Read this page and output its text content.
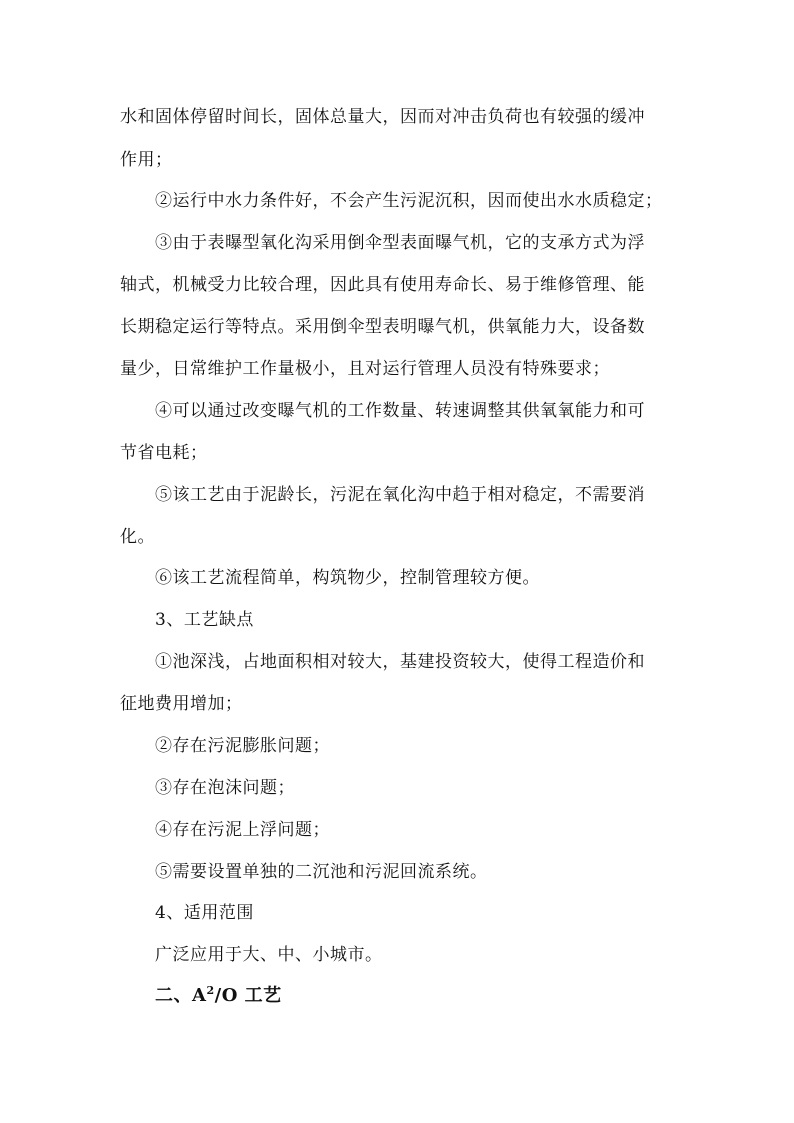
水和固体停留时间长，固体总量大，因而对冲击负荷也有较强的缓冲
作用；
②运行中水力条件好，不会产生污泥沉积，因而使出水水质稳定；
③由于表曝型氧化沟采用倒伞型表面曝气机，它的支承方式为浮
轴式，机械受力比较合理，因此具有使用寿命长、易于维修管理、能
长期稳定运行等特点。采用倒伞型表明曝气机，供氧能力大，设备数
量少，日常维护工作量极小，且对运行管理人员没有特殊要求；
④可以通过改变曝气机的工作数量、转速调整其供氧氧能力和可
节省电耗；
⑤该工艺由于泥龄长，污泥在氧化沟中趋于相对稳定，不需要消
化。
⑥该工艺流程简单，构筑物少，控制管理较方便。
3、工艺缺点
①池深浅，占地面积相对较大，基建投资较大，使得工程造价和
征地费用增加；
②存在污泥膨胀问题；
③存在泡沫问题；
④存在污泥上浮问题；
⑤需要设置单独的二沉池和污泥回流系统。
4、适用范围
广泛应用于大、中、小城市。
二、$A^2/O$ 工艺
